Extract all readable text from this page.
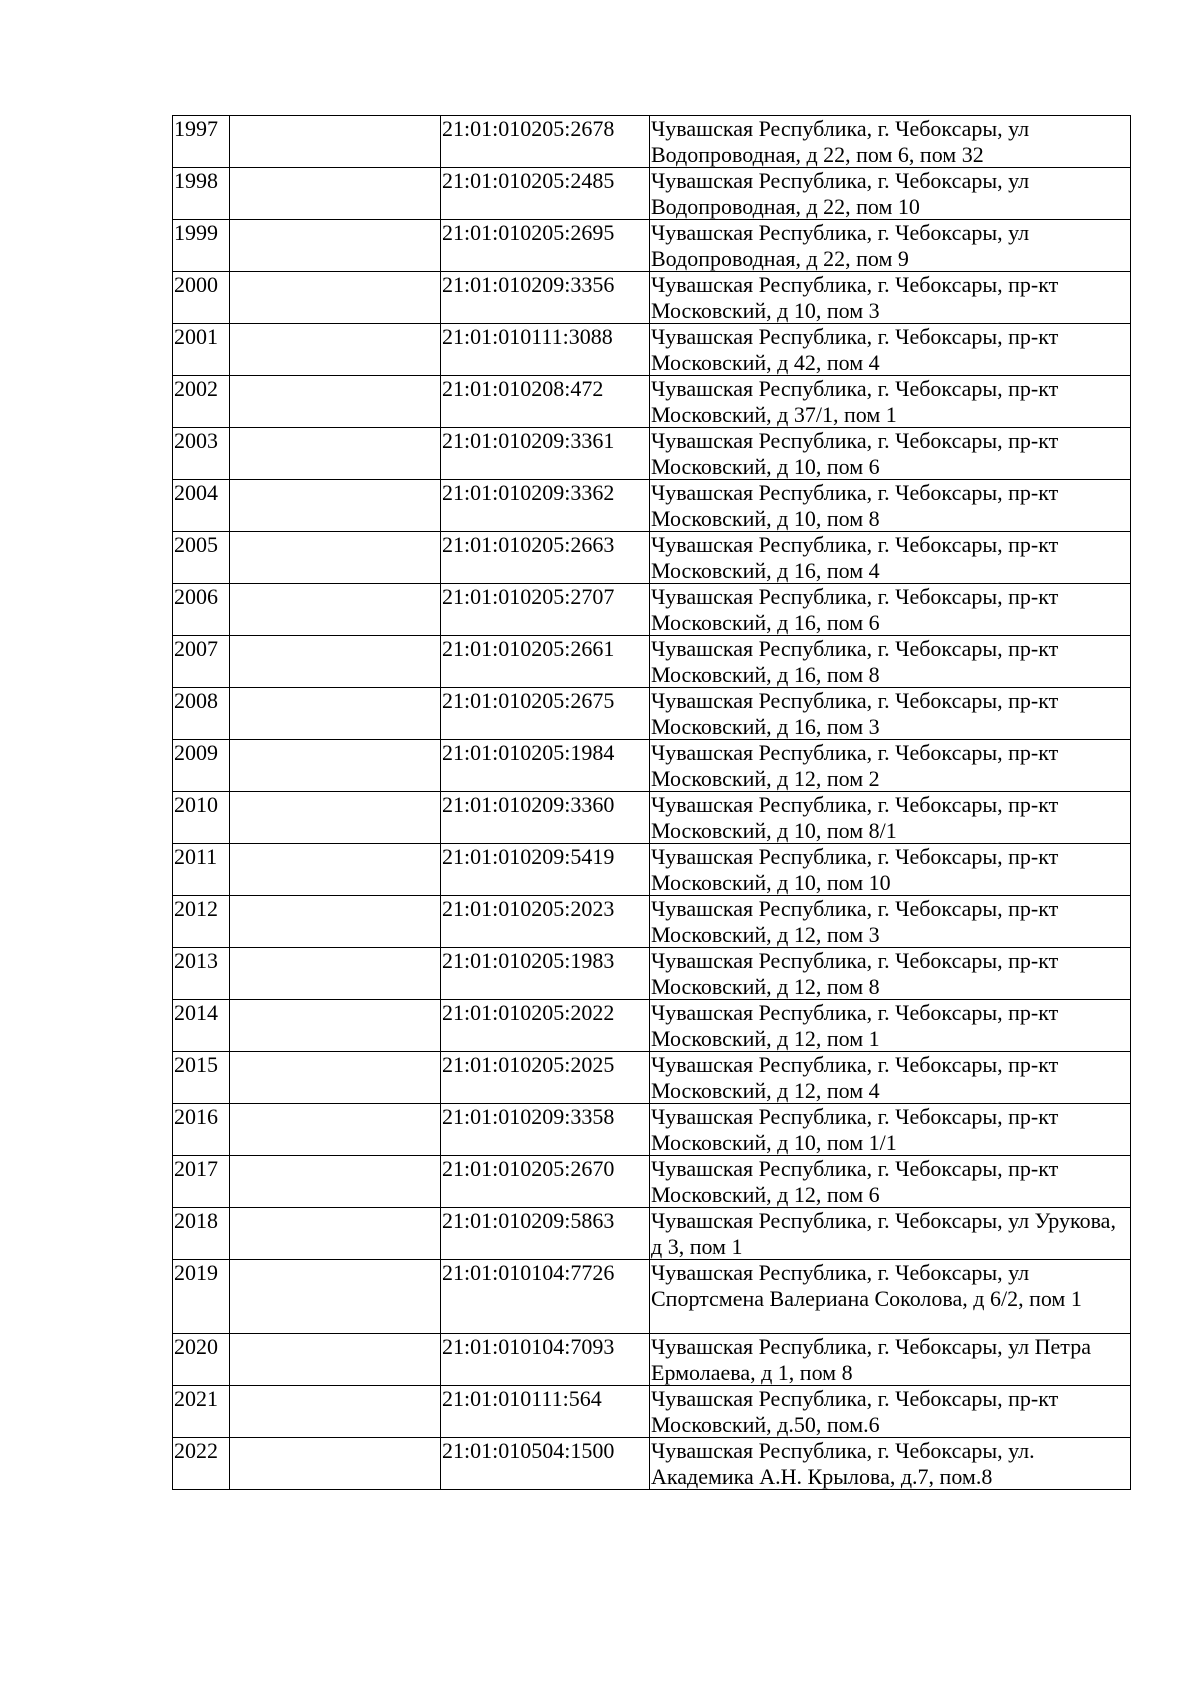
1997		21:01:010205:2678	Чувашская Республика, г. Чебоксары, ул Водопроводная, д 22, пом 6, пом 32
1998		21:01:010205:2485	Чувашская Республика, г. Чебоксары, ул Водопроводная, д 22, пом 10
1999		21:01:010205:2695	Чувашская Республика, г. Чебоксары, ул Водопроводная, д 22, пом 9
2000		21:01:010209:3356	Чувашская Республика, г. Чебоксары, пр-кт Московский, д 10, пом 3
2001		21:01:010111:3088	Чувашская Республика, г. Чебоксары, пр-кт Московский, д 42, пом 4
2002		21:01:010208:472	Чувашская Республика, г. Чебоксары, пр-кт Московский, д 37/1, пом 1
2003		21:01:010209:3361	Чувашская Республика, г. Чебоксары, пр-кт Московский, д 10, пом 6
2004		21:01:010209:3362	Чувашская Республика, г. Чебоксары, пр-кт Московский, д 10, пом 8
2005		21:01:010205:2663	Чувашская Республика, г. Чебоксары, пр-кт Московский, д 16, пом 4
2006		21:01:010205:2707	Чувашская Республика, г. Чебоксары, пр-кт Московский, д 16, пом 6
2007		21:01:010205:2661	Чувашская Республика, г. Чебоксары, пр-кт Московский, д 16, пом 8
2008		21:01:010205:2675	Чувашская Республика, г. Чебоксары, пр-кт Московский, д 16, пом 3
2009		21:01:010205:1984	Чувашская Республика, г. Чебоксары, пр-кт Московский, д 12, пом 2
2010		21:01:010209:3360	Чувашская Республика, г. Чебоксары, пр-кт Московский, д 10, пом 8/1
2011		21:01:010209:5419	Чувашская Республика, г. Чебоксары, пр-кт Московский, д 10, пом 10
2012		21:01:010205:2023	Чувашская Республика, г. Чебоксары, пр-кт Московский, д 12, пом 3
2013		21:01:010205:1983	Чувашская Республика, г. Чебоксары, пр-кт Московский, д 12, пом 8
2014		21:01:010205:2022	Чувашская Республика, г. Чебоксары, пр-кт Московский, д 12, пом 1
2015		21:01:010205:2025	Чувашская Республика, г. Чебоксары, пр-кт Московский, д 12, пом 4
2016		21:01:010209:3358	Чувашская Республика, г. Чебоксары, пр-кт Московский, д 10, пом 1/1
2017		21:01:010205:2670	Чувашская Республика, г. Чебоксары, пр-кт Московский, д 12, пом 6
2018		21:01:010209:5863	Чувашская Республика, г. Чебоксары, ул Урукова, д 3, пом 1
2019		21:01:010104:7726	Чувашская Республика, г. Чебоксары, ул Спортсмена Валериана Соколова, д 6/2, пом 1
2020		21:01:010104:7093	Чувашская Республика, г. Чебоксары, ул Петра Ермолаева, д 1, пом 8
2021		21:01:010111:564	Чувашская Республика, г. Чебоксары, пр-кт Московский, д.50, пом.6
2022		21:01:010504:1500	Чувашская Республика, г. Чебоксары, ул. Академика А.Н. Крылова, д.7, пом.8
